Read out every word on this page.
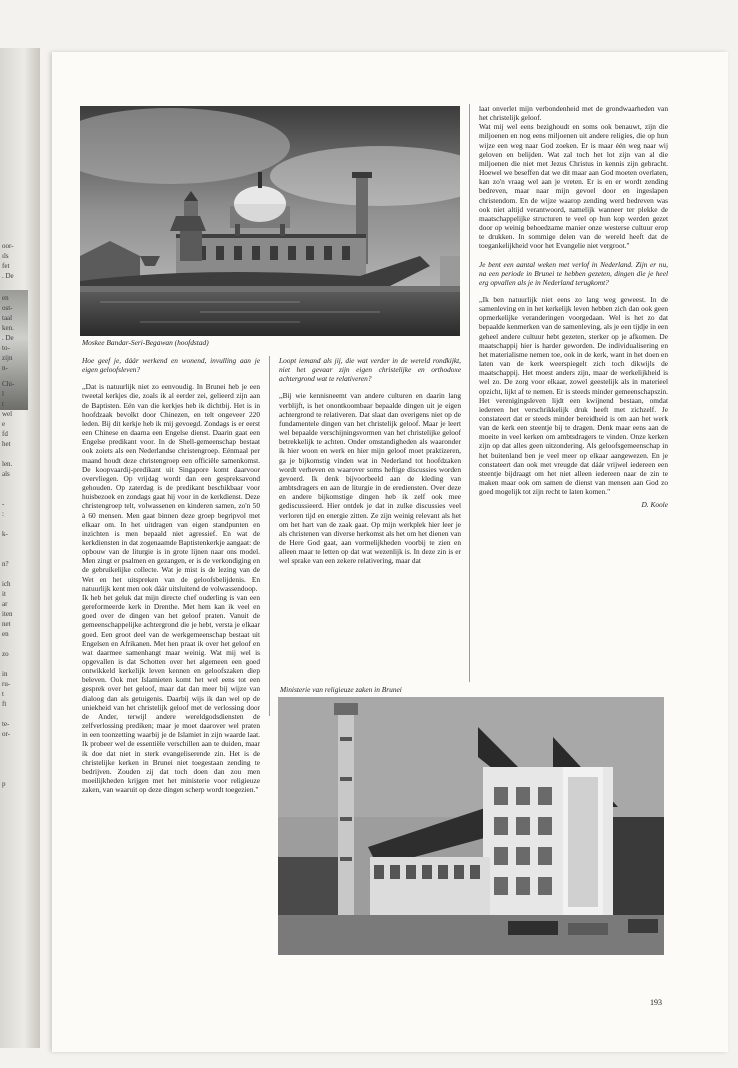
oor-
ıls
fet
. De
en
ost-
taal
ken.
. De
to-
zijn
n-
Chi-
l
t
wel
e
fd
het
len.
als
-
:
k-
n?
ich
it
ar
iten
net
en
zo
in
ru-
t
ft
te-
or-
p
Moskee Bandar-Seri-Begawan (hoofdstad)

Hoe geef je, dáár werkend en wonend, invulling aan je eigen geloofsleven?

,,Dat is natuurlijk niet zo eenvoudig. In Brunei heb je een tweetal kerkjes die, zoals ik al eerder zei, gelieerd zijn aan de Baptisten. Eén van die kerkjes heb ik dichtbij. Het is in hoofdzaak bevolkt door Chinezen, en telt ongeveer 220 leden. Bij dit kerkje heb ik mij gevoegd. Zondags is er eerst een Chinese en daarna een Engelse dienst. Daarin gaat een Engelse predikant voor. In de Shell-gemeenschap bestaat ook zoiets als een Nederlandse christengroep. Eénmaal per maand houdt deze christengroep een officiële samenkomst. De koopvaardij-predikant uit Singapore komt daarvoor overvliegen. Op vrijdag wordt dan een gespreksavond gehouden. Op zaterdag is de predikant beschikbaar voor huisbezoek en zondags gaat hij voor in de kerkdienst. Deze christengroep telt, volwassenen en kinderen samen, zo'n 50 à 60 mensen. Men gaat binnen deze groep begripvol met elkaar om. In het uitdragen van eigen standpunten en inzichten is men bepaald niet agressief. En wat de kerkdiensten in dat zogenaamde Baptistenkerkje aangaat: de opbouw van de liturgie is in grote lijnen naar ons model. Men zingt er psalmen en gezangen, er is de verkondiging en de gebruikelijke collecte. Wat je mist is de lezing van de Wet en het uitspreken van de geloofsbelijdenis. En natuurlijk kent men ook dáár uitsluitend de volwassendoop.

Ik heb het geluk dat mijn directe chef ouderling is van een gereformeerde kerk in Drenthe. Met hem kan ik veel en goed over de dingen van het geloof praten. Vanuit de gemeenschappelijke achtergrond die je hebt, versta je elkaar goed. Een groot deel van de werkgemeenschap bestaat uit Engelsen en Afrikanen. Met hen praat ik over het geloof en wat daarmee samenhangt maar weinig. Wat mij wel is opgevallen is dat Schotten over het algemeen een goed ontwikkeld kerkelijk leven kennen en geloofszaken diep beleven. Ook met Islamieten komt het wel eens tot een gesprek over het geloof, maar dat dan meer bij wijze van dialoog dan als getuigenis. Daarbij wijs ik dan wel op de uniekheid van het christelijk geloof met de verlossing door de Ander, terwijl andere wereldgodsdiensten de zelfverlossing prediken; maar je moet daarover wel praten in een toonzetting waarbij je de Islamiet in zijn waarde laat. Ik probeer wel de essentiële verschillen aan te duiden, maar ik doe dat niet in sterk evangeliserende zin. Het is de christelijke kerken in Brunei niet toegestaan zending te bedrijven. Zouden zij dat toch doen dan zou men moeilijkheden krijgen met het ministerie voor religieuze zaken, van waaruit op deze dingen scherp wordt toegezien."

Loopt iemand als jij, die wat verder in de wereld rondkijkt, niet het gevaar zijn eigen christelijke en orthodoxe achtergrond wat te relativeren?

,,Bij wie kennisneemt van andere culturen en daarin lang verblijft, is het onontkoombaar bepaalde dingen uit je eigen achtergrond te relativeren. Dat slaat dan overigens niet op de fundamentele dingen van het christelijk geloof. Maar je leert wel bepaalde verschijningsvormen van het christelijke geloof betrekkelijk te achten. Onder omstandigheden als waaronder ik hier woon en werk en hier mijn geloof moet praktizeren, ga je bijkomstig vinden wat in Nederland tot hoofdzaken wordt verheven en waarover soms heftige discussies worden gevoerd. Ik denk bijvoorbeeld aan de kleding van ambtsdragers en aan de liturgie in de erediensten. Over deze en andere bijkomstige dingen heb ik zelf ook mee gediscussieerd. Hier ontdek je dat in zulke discussies veel verloren tijd en energie zitten. Ze zijn weinig relevant als het om het hart van de zaak gaat. Op mijn werkplek hier leer je als christenen van diverse herkomst als het om het dienen van de Here God gaat, aan vormelijkheden voorbij te zien en alleen maar te letten op dat wat wezenlijk is. In deze zin is er wel sprake van een zekere relativering, maar dat

laat onverlet mijn verbondenheid met de grondwaarheden van het christelijk geloof.

Wat mij wel eens bezighoudt en soms ook benauwt, zijn die miljoenen en nog eens miljoenen uit andere religies, die op hun wijze een weg naar God zoeken. Er is maar één weg naar wij geloven en belijden. Wat zal toch het lot zijn van al die miljoenen die niet met Jezus Christus in kennis zijn gebracht. Hoewel we beseffen dat we dit maar aan God moeten overlaten, kan zo'n vraag wel aan je vreten. Er is en er wordt zending bedreven, maar naar mijn gevoel door en ingeslapen christendom. En de wijze waarop zending werd bedreven was ook niet altijd verantwoord, namelijk wanneer ter plekke de maatschappelijke structuren te veel op hun kop werden gezet door op weinig behoedzame manier onze westerse cultuur erop te drukken. In sommige delen van de wereld heeft dat de toegankelijkheid voor het Evangelie niet vergroot."

Je bent een aantal weken met verlof in Nederland. Zijn er nu, na een periode in Brunei te hebben gezeten, dingen die je heel erg opvallen als je in Nederland terugkomt?

,,Ik ben natuurlijk niet eens zo lang weg geweest. In de samenleving en in het kerkelijk leven hebben zich dan ook geen opmerkelijke veranderingen voorgedaan. Wel is het zo dat bepaalde kenmerken van de samenleving, als je een tijdje in een geheel andere cultuur hebt gezeten, sterker op je afkomen. De maatschappij hier is harder geworden. De individualisering en het materialisme nemen toe, ook in de kerk, want in het doen en laten van de kerk weerspiegelt zich toch dikwijls de maatschappij. Het moest anders zijn, maar de werkelijkheid is wel zo. De zorg voor elkaar, zowel geestelijk als in materieel opzicht, lijkt af te nemen. Er is steeds minder gemeenschapszin. Het verenigingsleven lijdt een kwijnend bestaan, omdat iedereen het verschrikkelijk druk heeft met zichzelf. Je constateert dat er steeds minder bereidheid is om aan het werk van de kerk een steentje bij te dragen. Denk maar eens aan de moeite in veel kerken om ambtsdragers te vinden. Onze kerken zijn op dat alles geen uitzondering. Als geloofsgemeenschap in het buitenland ben je veel meer op elkaar aangewezen. En je constateert dan ook met vreugde dat dáár vrijwel iedereen een steentje bijdraagt om het niet alleen iedereen naar de zin te maken maar ook om samen de dienst van mensen aan God zo goed mogelijk tot zijn recht te laten komen."

D. Koole

Ministerie van religieuze zaken in Brunei
193
